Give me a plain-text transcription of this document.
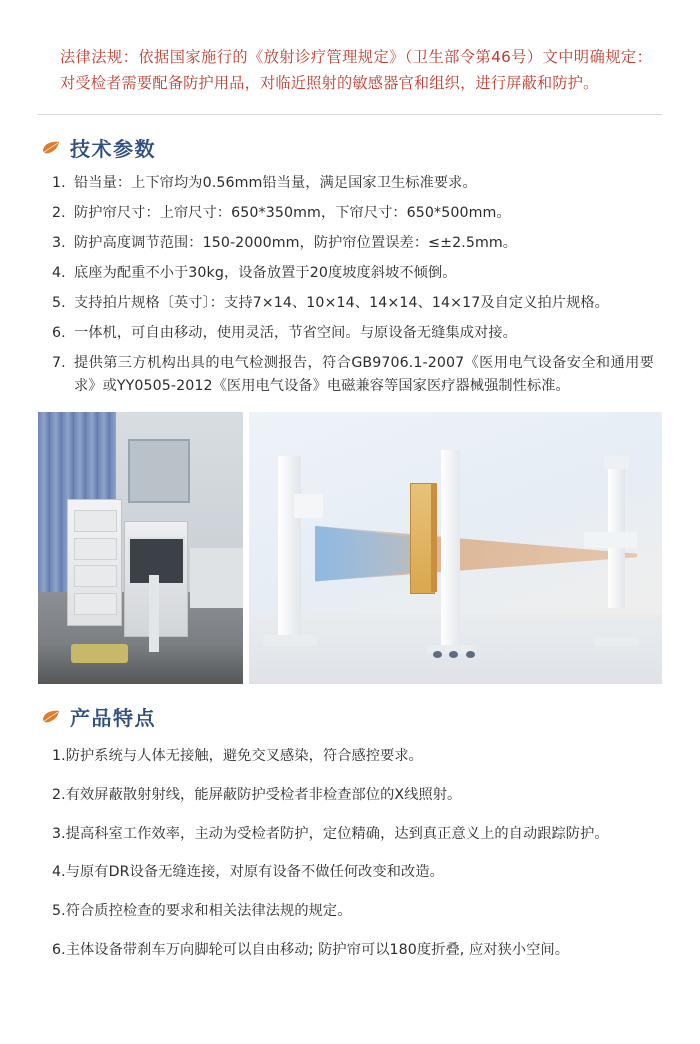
法律法规：依据国家施行的《放射诊疗管理规定》（卫生部令第46号）文中明确规定：对受检者需要配备防护用品，对临近照射的敏感器官和组织，进行屏蔽和防护。
技术参数
1. 铅当量：上下帘均为0.56mm铅当量，满足国家卫生标准要求。
2. 防护帘尺寸：上帘尺寸：650*350mm，下帘尺寸：650*500mm。
3. 防护高度调节范围：150-2000mm，防护帘位置误差：≤±2.5mm。
4. 底座为配重不小于30kg，设备放置于20度坡度斜坡不倾倒。
5. 支持拍片规格〔英寸〕：支持7×14、10×14、14×14、14×17及自定义拍片规格。
6. 一体机，可自由移动，使用灵活，节省空间。与原设备无缝集成对接。
7. 提供第三方机构出具的电气检测报告，符合GB9706.1-2007《医用电气设备安全和通用要求》或YY0505-2012《医用电气设备》电磁兼容等国家医疗器械强制性标准。
产品特点
1.防护系统与人体无接触，避免交叉感染，符合感控要求。
2.有效屏蔽散射射线，能屏蔽防护受检者非检查部位的X线照射。
3.提高科室工作效率，主动为受检者防护，定位精确，达到真正意义上的自动跟踪防护。
4.与原有DR设备无缝连接，对原有设备不做任何改变和改造。
5.符合质控检查的要求和相关法律法规的规定。
6.主体设备带刹车万向脚轮可以自由移动; 防护帘可以180度折叠, 应对狭小空间。
